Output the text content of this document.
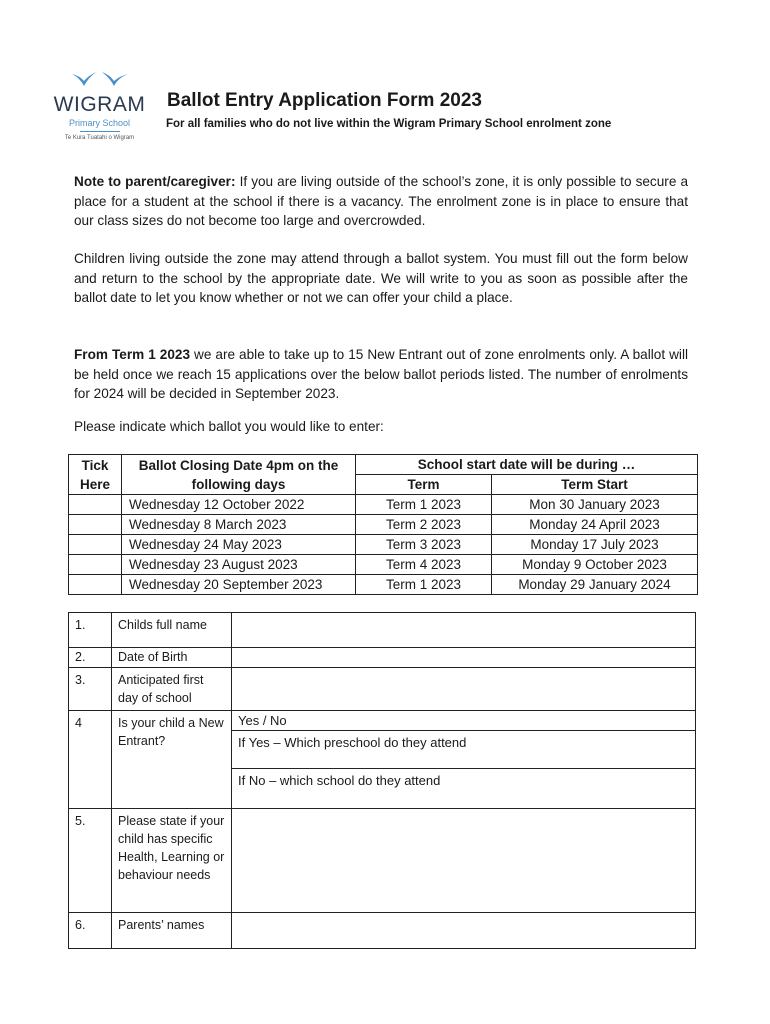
WIGRAM
Primary School
Te Kura Tuatahi o Wigram
Ballot Entry Application Form 2023
For all families who do not live within the Wigram Primary School enrolment zone

Note to parent/caregiver: If you are living outside of the school’s zone, it is only possible to secure a place for a student at the school if there is a vacancy. The enrolment zone is in place to ensure that our class sizes do not become too large and overcrowded.

Children living outside the zone may attend through a ballot system. You must fill out the form below and return to the school by the appropriate date. We will write to you as soon as possible after the ballot date to let you know whether or not we can offer your child a place.

From Term 1 2023 we are able to take up to 15 New Entrant out of zone enrolments only. A ballot will be held once we reach 15 applications over the below ballot periods listed. The number of enrolments for 2024 will be decided in September 2023.

Please indicate which ballot you would like to enter:

Tick Here	Ballot Closing Date 4pm on the following days	School start date will be during …	
		Term	Term Start
	Wednesday 12 October 2022	Term 1 2023	Mon 30 January 2023
	Wednesday 8 March 2023	Term 2 2023	Monday 24 April 2023
	Wednesday 24 May 2023	Term 3 2023	Monday 17 July 2023
	Wednesday 23 August 2023	Term 4 2023	Monday 9 October 2023
	Wednesday 20 September 2023	Term 1 2023	Monday 29 January 2024
1.	Childs full name	
2.	Date of Birth	
3.	Anticipated first day of school	
4	Is your child a New Entrant?	Yes / No
		If Yes – Which preschool do they attend
		If No – which school do they attend
5.	Please state if your child has specific Health, Learning or behaviour needs	
6.	Parents’ names	
